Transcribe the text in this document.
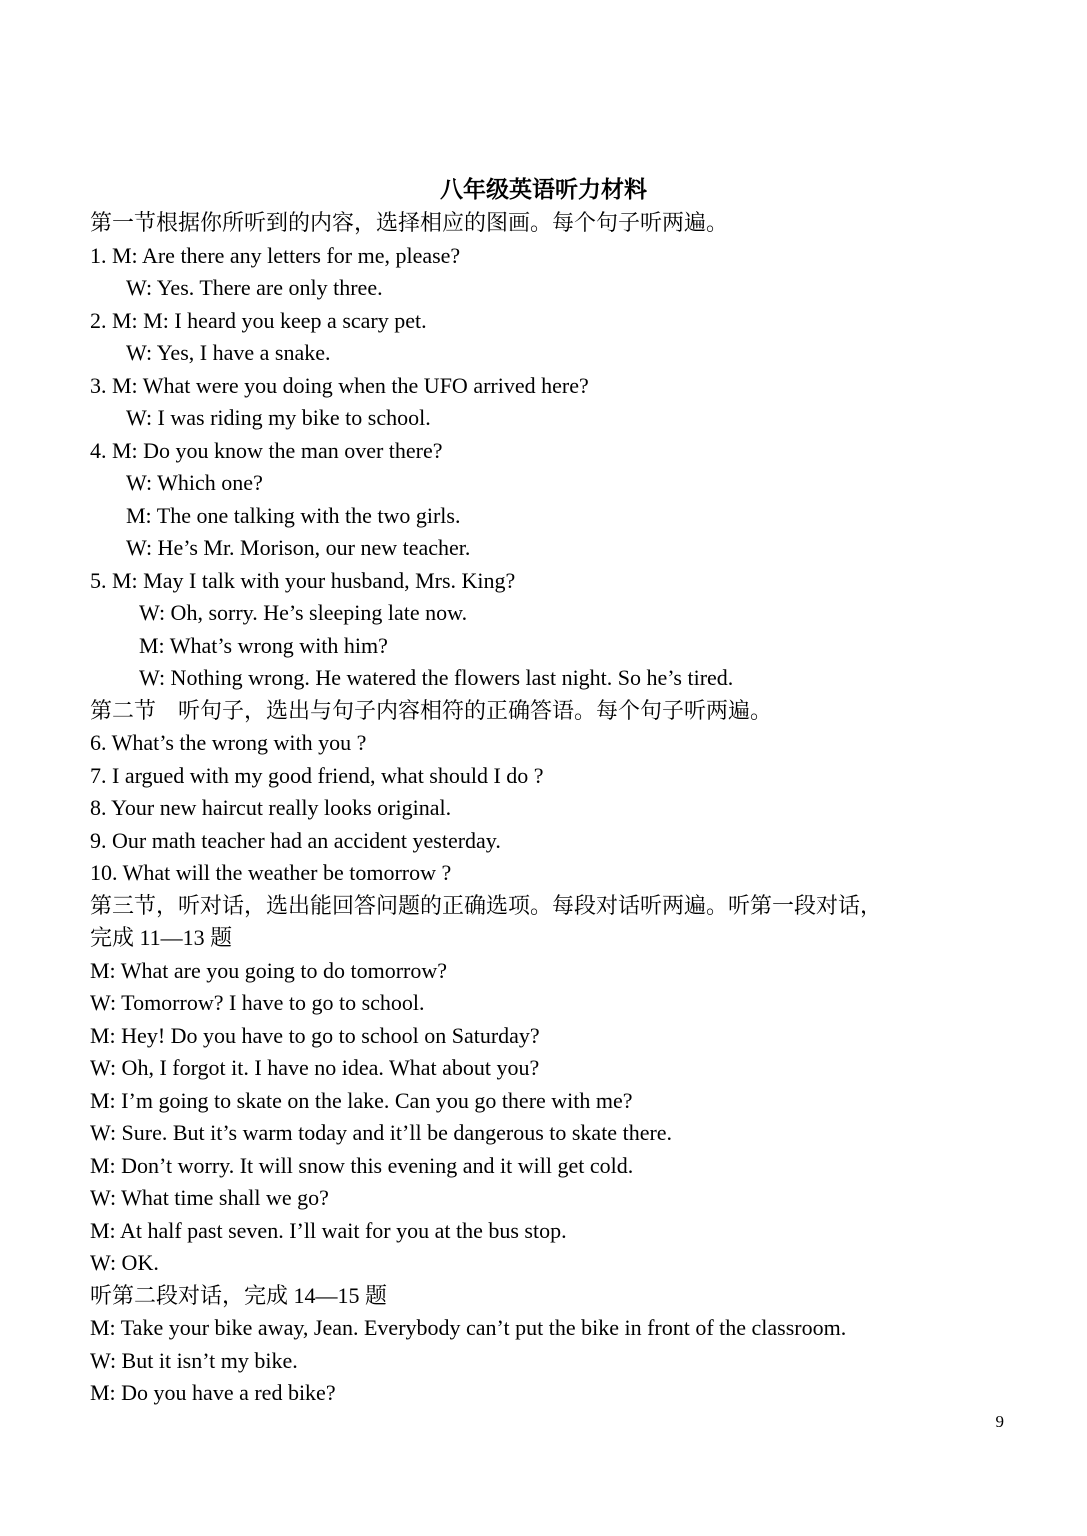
八年级英语听力材料
第一节根据你所听到的内容，选择相应的图画。每个句子听两遍。
1. M: Are there any letters for me, please?
W: Yes. There are only three.
2. M: M: I heard you keep a scary pet.
W: Yes, I have a snake.
3. M: What were you doing when the UFO arrived here?
W: I was riding my bike to school.
4. M: Do you know the man over there?
W: Which one?
M: The one talking with the two girls.
W: He’s Mr. Morison, our new teacher.
5. M: May I talk with your husband, Mrs. King?
W: Oh, sorry. He’s sleeping late now.
M: What’s wrong with him?
W: Nothing wrong. He watered the flowers last night. So he’s tired.
第二节　听句子，选出与句子内容相符的正确答语。每个句子听两遍。
6. What’s the wrong with you ?
7. I argued with my good friend, what should I do ?
8. Your new haircut really looks original.
9. Our math teacher had an accident yesterday.
10. What will the weather be tomorrow ?
第三节，听对话，选出能回答问题的正确选项。每段对话听两遍。听第一段对话，
完成 11—13 题
M: What are you going to do tomorrow?
W: Tomorrow? I have to go to school.
M: Hey! Do you have to go to school on Saturday?
W: Oh, I forgot it. I have no idea. What about you?
M: I’m going to skate on the lake. Can you go there with me?
W: Sure. But it’s warm today and it’ll be dangerous to skate there.
M: Don’t worry. It will snow this evening and it will get cold.
W: What time shall we go?
M: At half past seven. I’ll wait for you at the bus stop.
W: OK.
听第二段对话，完成 14—15 题
M: Take your bike away, Jean. Everybody can’t put the bike in front of the classroom.
W: But it isn’t my bike.
M: Do you have a red bike?
9
